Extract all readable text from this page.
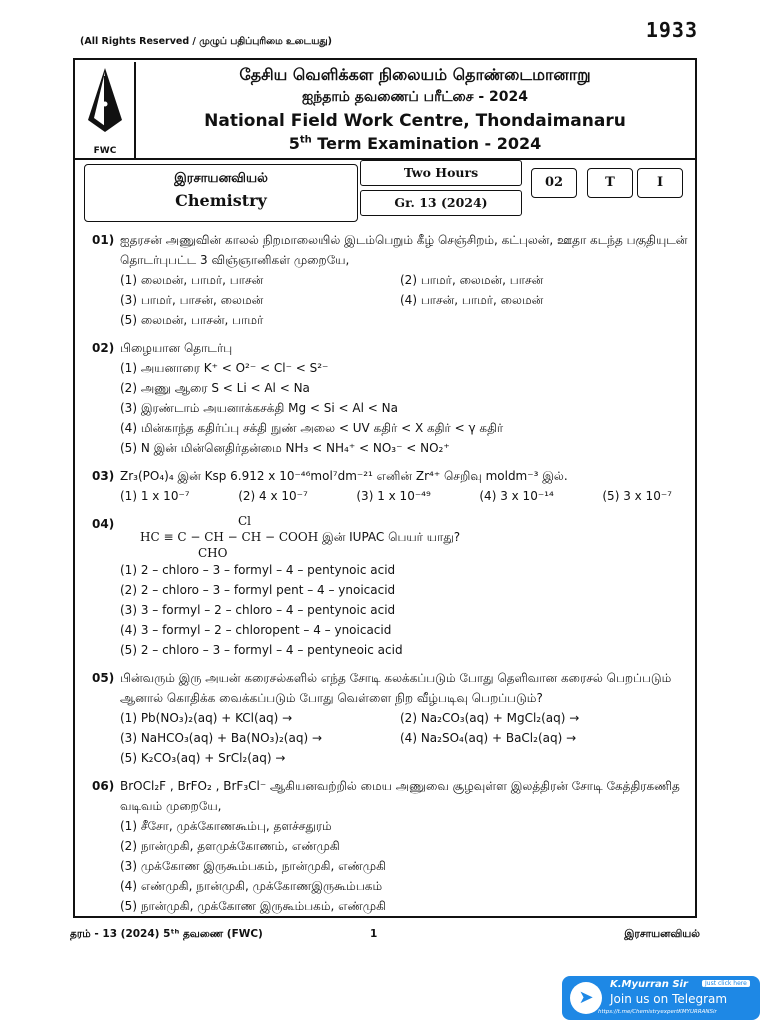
(All Rights Reserved / முழுப் பதிப்புரிமை உடையது)	1933
FWC
தேசிய வெளிக்கள நிலையம் தொண்டைமானாறு
ஐந்தாம் தவணைப் பரீட்சை - 2024
National Field Work Centre, Thondaimanaru
5th Term Examination - 2024
இரசாயனவியல்
Chemistry
Two Hours
Gr. 13 (2024)
02	T	I
01) ஐதரசன் அணுவின் காலல் நிறமாலையில் இடம்பெறும் கீழ் செஞ்சிறம், கட்புலன், ஊதா கடந்த பகுதியுடன் தொடர்புபட்ட 3 விஞ்ஞானிகள் முறையே,
(1) லைமன், பாமர், பாசன்	(2) பாமர், லைமன், பாசன்
(3) பாமர், பாசன், லைமன்	(4) பாசன், பாமர், லைமன்
(5) லைமன், பாசன், பாமர்
02) பிழையான தொடர்பு
(1) அயனாரை K⁺ < O²⁻ < Cl⁻ < S²⁻
(2) அணு ஆரை S < Li < Al < Na
(3) இரண்டாம் அயனாக்கசக்தி Mg < Si < Al < Na
(4) மின்காந்த கதிர்ப்பு சக்தி நுண் அலை < UV கதிர் < X கதிர் < γ கதிர்
(5) N இன் மின்னெதிர்தன்மை NH₃ < NH₄⁺ < NO₃⁻ < NO₂⁺
03) Zr₃(PO₄)₄ இன் Ksp 6.912 x 10⁻⁴⁶mol⁷dm⁻²¹ எனின் Zr⁴⁺ செறிவு moldm⁻³ இல்.
(1) 1 x 10⁻⁷	(2) 4 x 10⁻⁷	(3) 1 x 10⁻⁴⁹	(4) 3 x 10⁻¹⁴	(5) 3 x 10⁻⁷
04)	Cl
HC ≡ C − CH − CH − COOH இன் IUPAC பெயர் யாது?
CHO
(1) 2 – chloro – 3 – formyl – 4 – pentynoic acid
(2) 2 – chloro – 3 – formyl pent – 4 – ynoicacid
(3) 3 – formyl – 2 – chloro – 4 – pentynoic acid
(4) 3 – formyl – 2 – chloropent – 4 – ynoicacid
(5) 2 – chloro – 3 – formyl – 4 – pentyneoic acid
05) பின்வரும் இரு அயன் கரைசல்களில் எந்த சோடி கலக்கப்படும் போது தெளிவான கரைசல் பெறப்படும் ஆனால் கொதிக்க வைக்கப்படும் போது வெள்ளை நிற வீழ்படிவு பெறப்படும்?
(1) Pb(NO₃)₂(aq) + KCl(aq) →	(2) Na₂CO₃(aq) + MgCl₂(aq) →
(3) NaHCO₃(aq) + Ba(NO₃)₂(aq) →	(4) Na₂SO₄(aq) + BaCl₂(aq) →
(5) K₂CO₃(aq) + SrCl₂(aq) →
06) BrOCl₂F , BrFO₂ , BrF₃Cl⁻ ஆகியனவற்றில் மைய அணுவை சூழவுள்ள இலத்திரன் சோடி கேத்திரகணித வடிவம் முறையே,
(1) சீசோ, முக்கோணகூம்பு, தளச்சதுரம்
(2) நான்முகி, தளமுக்கோணம், எண்முகி
(3) முக்கோண இருகூம்பகம், நான்முகி, எண்முகி
(4) எண்முகி, நான்முகி, முக்கோணஇருகூம்பகம்
(5) நான்முகி, முக்கோண இருகூம்பகம், எண்முகி
தரம் - 13 (2024) 5ᵗʰ தவணை (FWC)	1	இரசாயனவியல்
➤
K.Myurran Sir	Just click here
Join us on Telegram
https://t.me/ChemistryexpertKMYURRANSir
